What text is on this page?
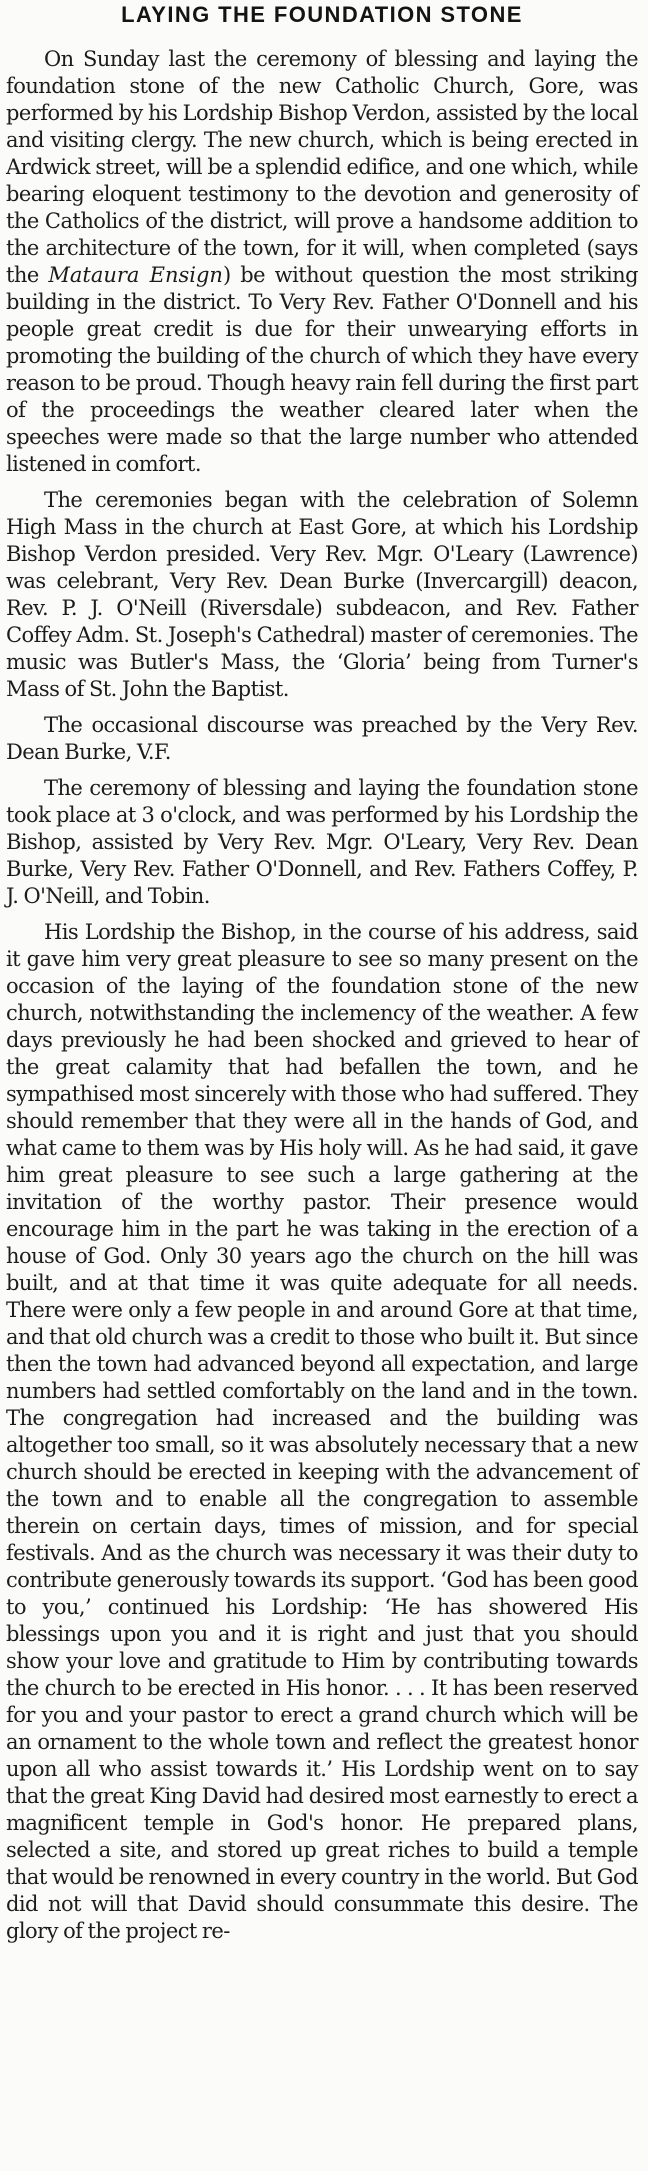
LAYING THE FOUNDATION STONE

On Sunday last the ceremony of blessing and laying the foundation stone of the new Catholic Church, Gore, was performed by his Lordship Bishop Verdon, assisted by the local and visiting clergy. The new church, which is being erected in Ardwick street, will be a splendid edifice, and one which, while bearing eloquent testimony to the devotion and generosity of the Catholics of the district, will prove a handsome addition to the architecture of the town, for it will, when completed (says the Mataura Ensign) be without question the most striking building in the district. To Very Rev. Father O'Donnell and his people great credit is due for their unwearying efforts in promoting the building of the church of which they have every reason to be proud. Though heavy rain fell during the first part of the proceedings the weather cleared later when the speeches were made so that the large number who attended listened in comfort.

The ceremonies began with the celebration of Solemn High Mass in the church at East Gore, at which his Lordship Bishop Verdon presided. Very Rev. Mgr. O'Leary (Lawrence) was celebrant, Very Rev. Dean Burke (Invercargill) deacon, Rev. P. J. O'Neill (Riversdale) subdeacon, and Rev. Father Coffey Adm. St. Joseph's Cathedral) master of ceremonies. The music was Butler's Mass, the ‘Gloria’ being from Turner's Mass of St. John the Baptist.

The occasional discourse was preached by the Very Rev. Dean Burke, V.F.

The ceremony of blessing and laying the foundation stone took place at 3 o'clock, and was performed by his Lordship the Bishop, assisted by Very Rev. Mgr. O'Leary, Very Rev. Dean Burke, Very Rev. Father O'Donnell, and Rev. Fathers Coffey, P. J. O'Neill, and Tobin.

His Lordship the Bishop, in the course of his address, said it gave him very great pleasure to see so many present on the occasion of the laying of the foundation stone of the new church, notwithstanding the inclemency of the weather. A few days previously he had been shocked and grieved to hear of the great calamity that had befallen the town, and he sympathised most sincerely with those who had suffered. They should remember that they were all in the hands of God, and what came to them was by His holy will. As he had said, it gave him great pleasure to see such a large gathering at the invitation of the worthy pastor. Their presence would encourage him in the part he was taking in the erection of a house of God. Only 30 years ago the church on the hill was built, and at that time it was quite adequate for all needs. There were only a few people in and around Gore at that time, and that old church was a credit to those who built it. But since then the town had advanced beyond all expectation, and large numbers had settled comfortably on the land and in the town. The congregation had increased and the building was altogether too small, so it was absolutely necessary that a new church should be erected in keeping with the advancement of the town and to enable all the congregation to assemble therein on certain days, times of mission, and for special festivals. And as the church was necessary it was their duty to contribute generously towards its support. ‘God has been good to you,’ continued his Lordship: ‘He has showered His blessings upon you and it is right and just that you should show your love and gratitude to Him by contributing towards the church to be erected in His honor. . . . It has been reserved for you and your pastor to erect a grand church which will be an ornament to the whole town and reflect the greatest honor upon all who assist towards it.’ His Lordship went on to say that the great King David had desired most earnestly to erect a magnificent temple in God's honor. He prepared plans, selected a site, and stored up great riches to build a temple that would be renowned in every country in the world. But God did not will that David should consummate this desire. The glory of the project re-
